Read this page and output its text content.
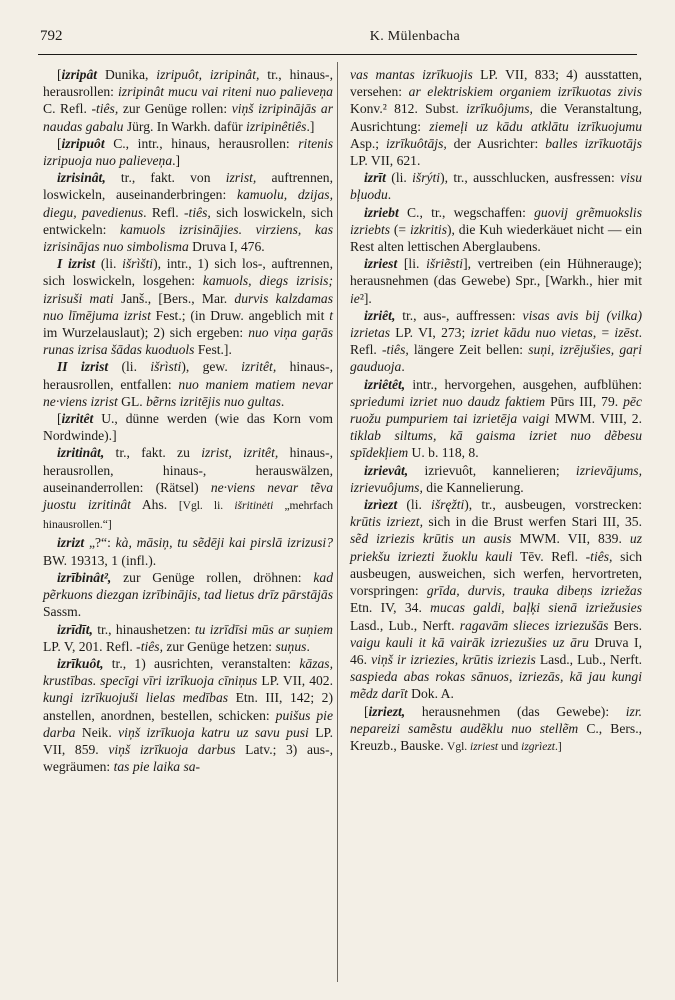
792	K. Mülenbacha

[izripât Dunika, izripuôt, izripinât, tr., hinaus-, herausrollen: izripinât mucu vai riteni nuo palieveņa C. Refl. -tiês, zur Genüge rollen: viņš izripinājās ar naudas gabalu Jürg. In Warkh. dafür izripinêtiês.]

[izripuôt C., intr., hinaus, herausrollen: ritenis izripuoja nuo palieveņa.]

izrisinât, tr., fakt. von izrist, auftrennen, loswickeln, auseinanderbringen: kamuolu, dzijas, diegu, pavedienus. Refl. -tiês, sich loswickeln, sich entwickeln: kamuols izrisinājies. virziens, kas izrisinājas nuo simbolisma Druva I, 476.

I izrist (li. išrìšti), intr., 1) sich los-, auftrennen, sich loswickeln, losgehen: kamuols, diegs izrisis; izrisuši mati Janš., [Bers., Mar. durvis kalzdamas nuo līmējuma izrist Fest.; (in Druw. angeblich mit t im Wurzelauslaut); 2) sich ergeben: nuo viņa gaṛās runas izrisa šādas kuoduols Fest.].

II izrist (li. išrìsti), gew. izritêt, hinaus-, herausrollen, entfallen: nuo maniem matiem nevar ne·viens izrist GL. bẽrns izritējis nuo gultas.

[izritêt U., dünne werden (wie das Korn vom Nordwinde).]

izritinât, tr., fakt. zu izrist, izritêt, hinaus-, herausrollen, hinaus-, herauswälzen, auseinanderrollen: (Rätsel) ne·viens nevar tẽva juostu izritinât Ahs. [Vgl. li. išritinėti „mehrfach hinausrollen.“]

izrizt „?“: kà, māsiņ, tu sẽdēji kai pirslā izrizusi? BW. 19313, 1 (infl.).

izrībinât², zur Genüge rollen, dröhnen: kad pẽrkuons diezgan izrībinājis, tad lietus drīz pārstājās Sassm.

izrīdīt, tr., hinaushetzen: tu izrīdīsi mūs ar suņiem LP. V, 201. Refl. -tiês, zur Genüge hetzen: suņus.

izrīkuôt, tr., 1) ausrichten, veranstalten: kāzas, krustības. specīgi vīri izrīkuoja cīniņus LP. VII, 402. kungi izrīkuojuši lielas medības Etn. III, 142; 2) anstellen, anordnen, bestellen, schicken: puišus pie darba Neik. viņš izrīkuoja katru uz savu pusi LP. VII, 859. viņš izrīkuoja darbus Latv.; 3) aus-, wegräumen: tas pie laika sa-

vas mantas izrīkuojis LP. VII, 833; 4) ausstatten, versehen: ar elektriskiem organiem izrīkuotas zivis Konv.² 812. Subst. izrīkuôjums, die Veranstaltung, Ausrichtung: ziemeļi uz kādu atklātu izrīkuojumu Asp.; izrīkuôtājs, der Ausrichter: balles izrīkuotājs LP. VII, 621.

izrīt (li. išrýti), tr., ausschlucken, ausfressen: visu bļuodu.

izriebt C., tr., wegschaffen: guovij grẽmuokslis izriebts (= izkritis), die Kuh wiederkäuet nicht — ein Rest alten lettischen Aberglaubens.

izriest [li. išriẽsti], vertreiben (ein Hühnerauge); herausnehmen (das Gewebe) Spr., [Warkh., hier mit ie²].

izriêt, tr., aus-, auffressen: visas avis bij (vilka) izrietas LP. VI, 273; izriet kādu nuo vietas, = izēst. Refl. -tiês, längere Zeit bellen: suņi, izrējušies, gaṛi gauduoja.

izriêtêt, intr., hervorgehen, ausgehen, aufblühen: spriedumi izriet nuo daudz faktiem Pūrs III, 79. pēc ruožu pumpuriem tai izrietēja vaigi MWM. VIII, 2. tiklab siltums, kā gaisma izriet nuo dẽbesu spīdekļiem U. b. 118, 8.

izrievât, izrievuôt, kannelieren; izrievājums, izrievuôjums, die Kannelierung.

izrìezt (li. išręžti), tr., ausbeugen, vorstrecken: krūtis izriezt, sich in die Brust werfen Stari III, 35. sẽd izriezis krūtis un ausis MWM. VII, 839. uz priekšu izriezti žuoklu kauli Tēv. Refl. -tiês, sich ausbeugen, ausweichen, sich werfen, hervortreten, vorspringen: grīda, durvis, trauka dibeņs izriežas Etn. IV, 34. mucas galdi, baļķi sienā izriežusies Lasd., Lub., Nerft. ragavām slieces izriezušās Bers. vaigu kauli it kā vairāk izriezušies uz āru Druva I, 46. viņš ir izriezies, krūtis izriezis Lasd., Lub., Nerft. saspieda abas rokas sānuos, izriezās, kā jau kungi mẽdz darīt Dok. A.

[izriezt, herausnehmen (das Gewebe): izr. nepareizi samẽstu audẽklu nuo stellẽm C., Bers., Kreuzb., Bauske. Vgl. izriest und izgrìezt.]
